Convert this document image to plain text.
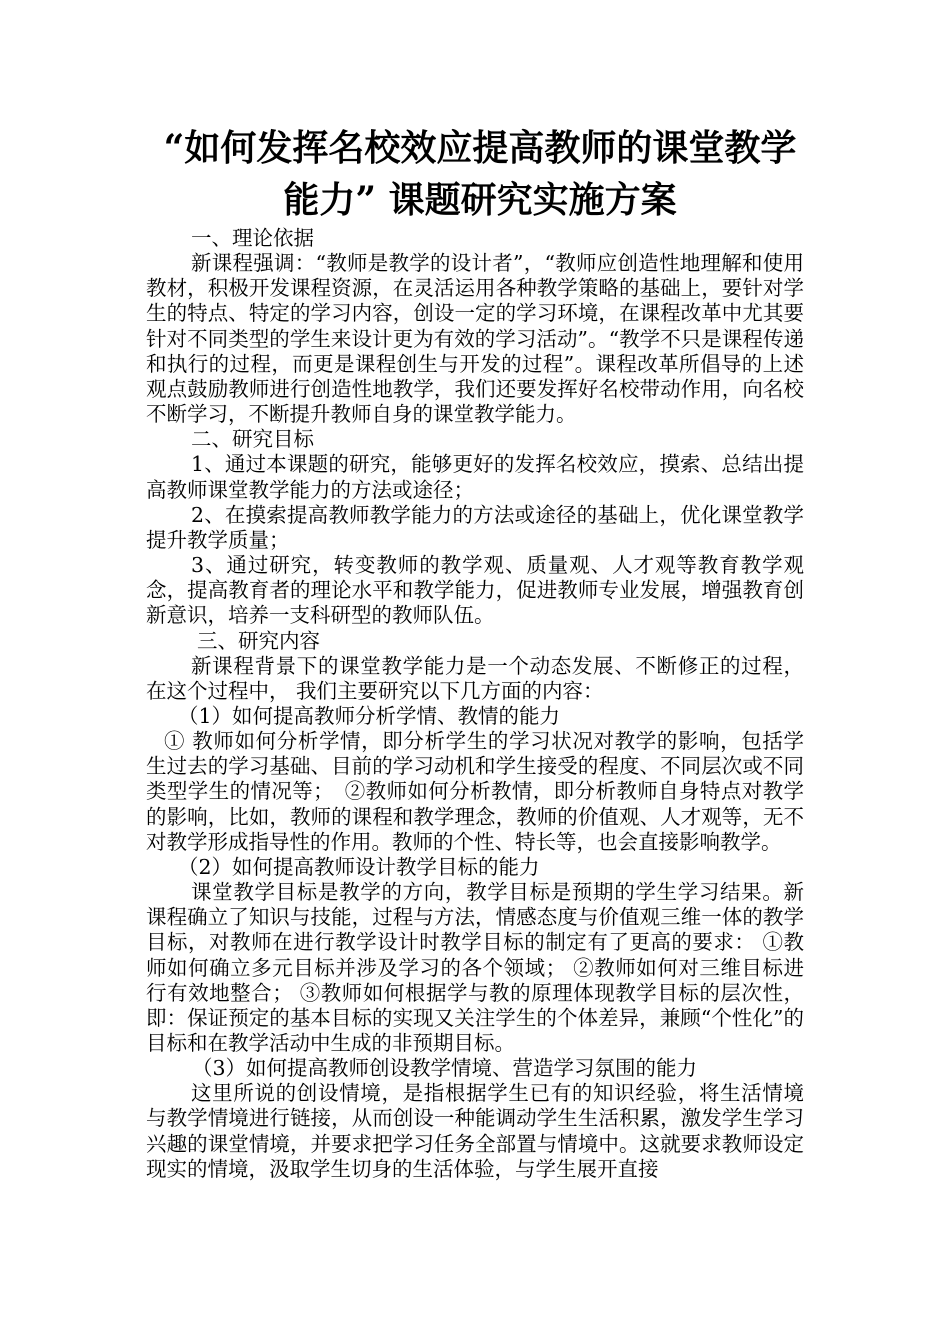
“如何发挥名校效应提高教师的课堂教学
能力” 课题研究实施方案

一、理论依据

新课程强调：“教师是教学的设计者”，“教师应创造性地理解和使用教材，积极开发课程资源，在灵活运用各种教学策略的基础上，要针对学生的特点、特定的学习内容，创设一定的学习环境，在课程改革中尤其要针对不同类型的学生来设计更为有效的学习活动”。“教学不只是课程传递和执行的过程，而更是课程创生与开发的过程”。课程改革所倡导的上述观点鼓励教师进行创造性地教学，我们还要发挥好名校带动作用，向名校不断学习，不断提升教师自身的课堂教学能力。

二、研究目标

1、通过本课题的研究，能够更好的发挥名校效应，摸索、总结出提高教师课堂教学能力的方法或途径；

2、在摸索提高教师教学能力的方法或途径的基础上，优化课堂教学提升教学质量；

3、通过研究，转变教师的教学观、质量观、人才观等教育教学观念，提高教育者的理论水平和教学能力，促进教师专业发展，增强教育创新意识，培养一支科研型的教师队伍。

三、研究内容

新课程背景下的课堂教学能力是一个动态发展、不断修正的过程，在这个过程中， 我们主要研究以下几方面的内容：

（1）如何提高教师分析学情、教情的能力

① 教师如何分析学情，即分析学生的学习状况对教学的影响，包括学生过去的学习基础、目前的学习动机和学生接受的程度、不同层次或不同类型学生的情况等；　②教师如何分析教情，即分析教师自身特点对教学的影响，比如，教师的课程和教学理念，教师的价值观、人才观等，无不对教学形成指导性的作用。教师的个性、特长等，也会直接影响教学。

（2）如何提高教师设计教学目标的能力

课堂教学目标是教学的方向，教学目标是预期的学生学习结果。新课程确立了知识与技能，过程与方法，情感态度与价值观三维一体的教学目标，对教师在进行教学设计时教学目标的制定有了更高的要求： ①教师如何确立多元目标并涉及学习的各个领域； ②教师如何对三维目标进行有效地整合； ③教师如何根据学与教的原理体现教学目标的层次性，即：保证预定的基本目标的实现又关注学生的个体差异，兼顾“个性化”的目标和在教学活动中生成的非预期目标。

（3）如何提高教师创设教学情境、营造学习氛围的能力

这里所说的创设情境，是指根据学生已有的知识经验，将生活情境与教学情境进行链接，从而创设一种能调动学生生活积累，激发学生学习兴趣的课堂情境，并要求把学习任务全部置与情境中。这就要求教师设定现实的情境，汲取学生切身的生活体验，与学生展开直接
